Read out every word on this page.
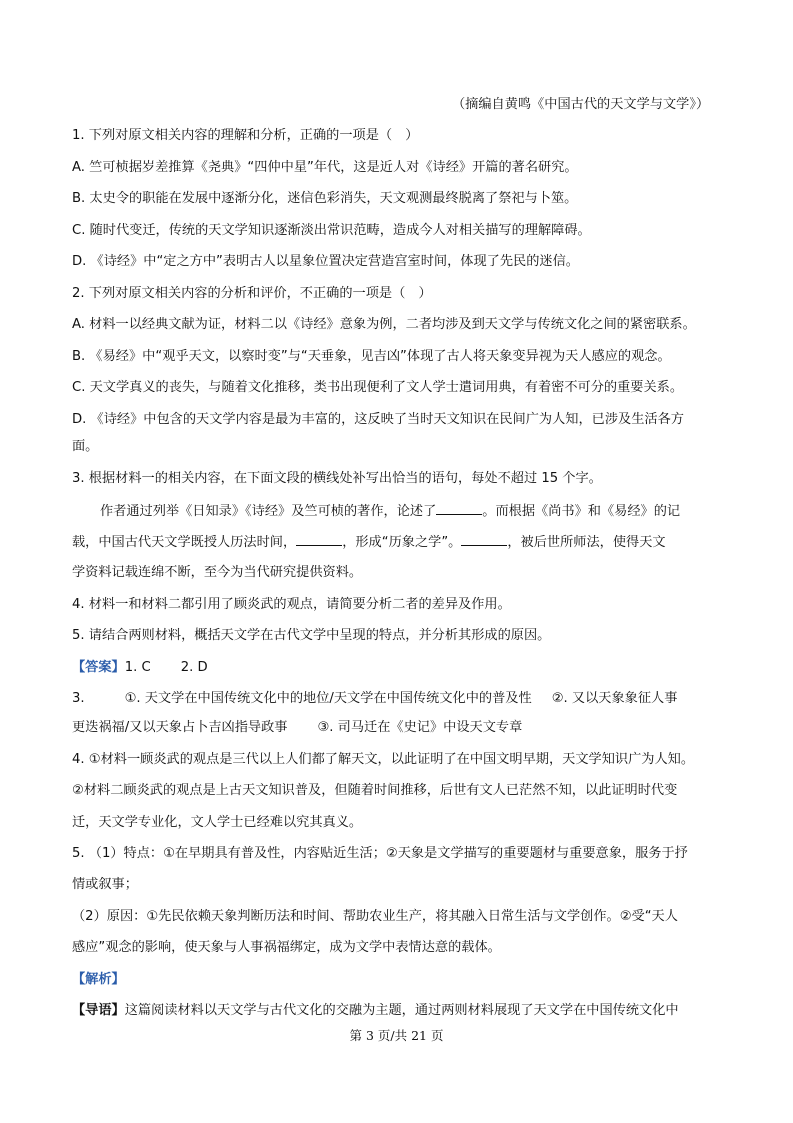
（摘编自黄鸣《中国古代的天文学与文学》）
1. 下列对原文相关内容的理解和分析，正确的一项是（　）
A. 竺可桢据岁差推算《尧典》“四仲中星”年代，这是近人对《诗经》开篇的著名研究。
B. 太史令的职能在发展中逐渐分化，迷信色彩消失，天文观测最终脱离了祭祀与卜筮。
C. 随时代变迁，传统的天文学知识逐渐淡出常识范畴，造成今人对相关描写的理解障碍。
D. 《诗经》中“定之方中”表明古人以星象位置决定营造宫室时间，体现了先民的迷信。
2. 下列对原文相关内容的分析和评价，不正确的一项是（　）
A. 材料一以经典文献为证，材料二以《诗经》意象为例，二者均涉及到天文学与传统文化之间的紧密联系。
B. 《易经》中“观乎天文，以察时变”与“天垂象，见吉凶”体现了古人将天象变异视为天人感应的观念。
C. 天文学真义的丧失，与随着文化推移，类书出现便利了文人学士遣词用典，有着密不可分的重要关系。
D. 《诗经》中包含的天文学内容是最为丰富的，这反映了当时天文知识在民间广为人知，已涉及生活各方
面。
3. 根据材料一的相关内容，在下面文段的横线处补写出恰当的语句，每处不超过 15 个字。
作者通过列举《日知录》《诗经》及竺可桢的著作，论述了	。而根据《尚书》和《易经》的记
载，中国古代天文学既授人历法时间，	，形成“历象之学”。	，被后世所师法，使得天文
学资料记载连绵不断，至今为当代研究提供资料。
4. 材料一和材料二都引用了顾炎武的观点，请简要分析二者的差异及作用。
5. 请结合两则材料，概括天文学在古代文学中呈现的特点，并分析其形成的原因。
【答案】1. C 2. D
3.	①. 天文学在中国传统文化中的地位/天文学在中国传统文化中的普及性 ②. 又以天象象征人事
更迭祸福/又以天象占卜吉凶指导政事 ③. 司马迁在《史记》中设天文专章
4. ①材料一顾炎武的观点是三代以上人们都了解天文，以此证明了在中国文明早期，天文学知识广为人知。
②材料二顾炎武的观点是上古天文知识普及，但随着时间推移，后世有文人已茫然不知，以此证明时代变
迁，天文学专业化，文人学士已经难以究其真义。
5. （1）特点：①在早期具有普及性，内容贴近生活；②天象是文学描写的重要题材与重要意象，服务于抒
情或叙事；
（2）原因：①先民依赖天象判断历法和时间、帮助农业生产，将其融入日常生活与文学创作。②受“天人
感应”观念的影响，使天象与人事祸福绑定，成为文学中表情达意的载体。
【解析】
【导语】这篇阅读材料以天文学与古代文化的交融为主题，通过两则材料展现了天文学在中国传统文化中
第 3 页/共 21 页
